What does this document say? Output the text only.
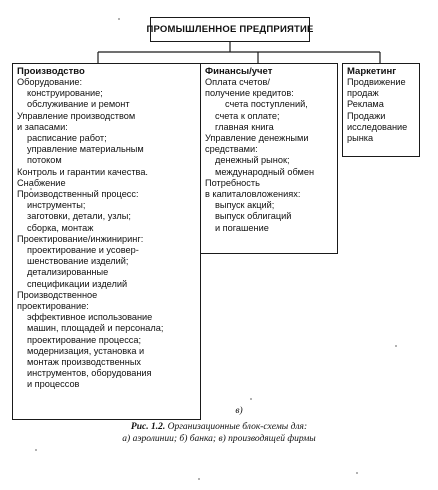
ПРОМЫШЛЕННОЕ ПРЕДПРИЯТИЕ
Производство
Оборудование:
конструирование;
обслуживание и ремонт
Управление производством
и запасами:
расписание работ;
управление материальным
потоком
Контроль и гарантии качества.
Снабжение
Производственный процесс:
инструменты;
заготовки, детали, узлы;
сборка, монтаж
Проектирование/инжиниринг:
проектирование и усовер-
шенствование изделий;
детализированные
спецификации изделий
Производственное
проектирование:
эффективное использование
машин, площадей и персонала;
проектирование процесса;
модернизация, установка и
монтаж производственных
инструментов, оборудования
и процессов
Финансы/учет
Оплата счетов/
получение кредитов:
счета поступлений,
счета к оплате;
главная книга
Управление денежными
средствами:
денежный рынок;
международный обмен
Потребность
в капиталовложениях:
выпуск акций;
выпуск облигаций
и погашение
Маркетинг
Продвижение
продаж
Реклама
Продажи
исследование
рынка
в)
Рис. 1.2. Организационные блок-схемы для:
а) аэролинии; б) банка; в) производящей фирмы
